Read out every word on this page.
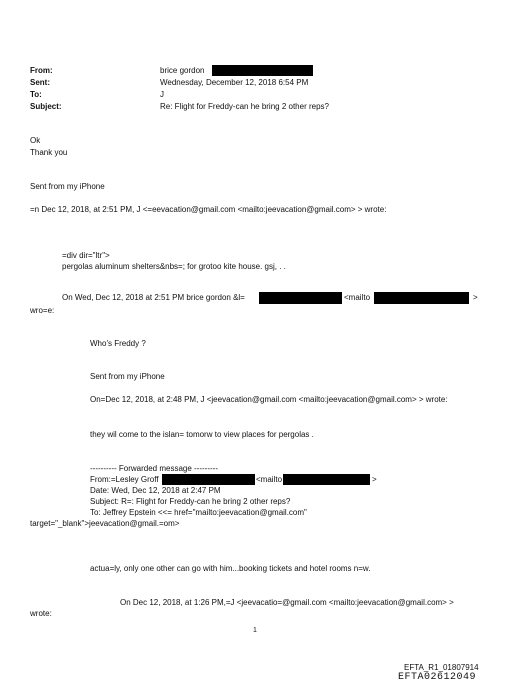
From:	brice gordon
Sent:	Wednesday, December 12, 2018 6:54 PM
To:	J
Subject:	Re: Flight for Freddy-can he bring 2 other reps?
Ok
Thank you
Sent from my iPhone
=n Dec 12, 2018, at 2:51 PM, J <=eevacation@gmail.com <mailto:jeevacation@gmail.com> > wrote:
=div dir="ltr">
pergolas aluminum shelters&nbs=; for grotoo kite house. gsj, . .
On Wed, Dec 12, 2018 at 2:51 PM brice gordon &l=	<mailto	>
wro=e:
Who's Freddy ?
Sent from my iPhone
On=Dec 12, 2018, at 2:48 PM, J <jeevacation@gmail.com <mailto:jeevacation@gmail.com> > wrote:
they wil come to the islan= tomorw to view places for pergolas .
---------- Forwarded message ---------
From:=Lesley Groff	<mailto	>
Date: Wed, Dec 12, 2018 at 2:47 PM
Subject: R=: Flight for Freddy-can he bring 2 other reps?
To: Jeffrey Epstein <<= href="mailto:jeevacation@gmail.com"
target="_blank">jeevacation@gmail.=om>
actua=ly, only one other can go with him...booking tickets and hotel rooms n=w.
On Dec 12, 2018, at 1:26 PM,=J <jeevacatio=@gmail.com <mailto:jeevacation@gmail.com> >
wrote:
1
EFTA_R1_01807914
EFTA02612049
